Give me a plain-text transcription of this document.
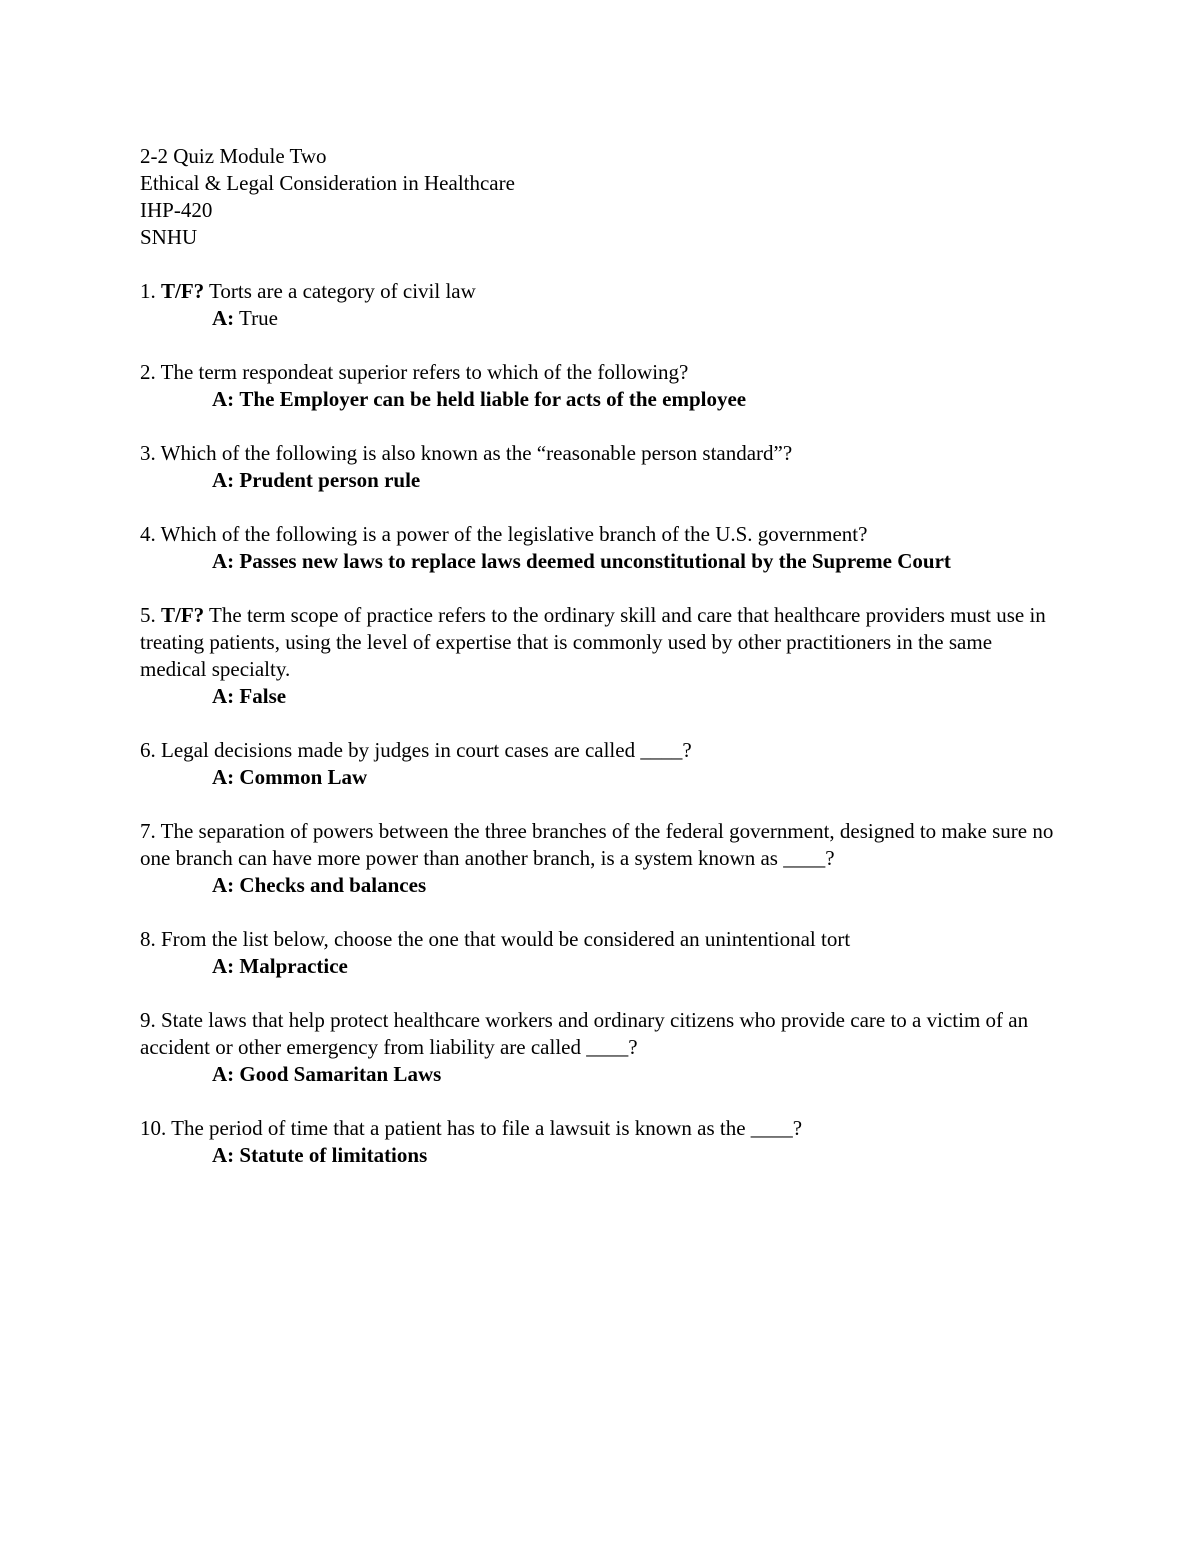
2-2 Quiz Module Two
Ethical & Legal Consideration in Healthcare
IHP-420
SNHU
1. T/F? Torts are a category of civil law
A: True
2. The term respondeat superior refers to which of the following?
A: The Employer can be held liable for acts of the employee
3. Which of the following is also known as the “reasonable person standard”?
A: Prudent person rule
4. Which of the following is a power of the legislative branch of the U.S. government?
A: Passes new laws to replace laws deemed unconstitutional by the Supreme Court
5. T/F? The term scope of practice refers to the ordinary skill and care that healthcare providers must use in treating patients, using the level of expertise that is commonly used by other practitioners in the same medical specialty.
A: False
6. Legal decisions made by judges in court cases are called ____?
A: Common Law
7. The separation of powers between the three branches of the federal government, designed to make sure no one branch can have more power than another branch, is a system known as ____?
A: Checks and balances
8. From the list below, choose the one that would be considered an unintentional tort
A: Malpractice
9. State laws that help protect healthcare workers and ordinary citizens who provide care to a victim of an accident or other emergency from liability are called ____?
A: Good Samaritan Laws
10. The period of time that a patient has to file a lawsuit is known as the ____?
A: Statute of limitations
